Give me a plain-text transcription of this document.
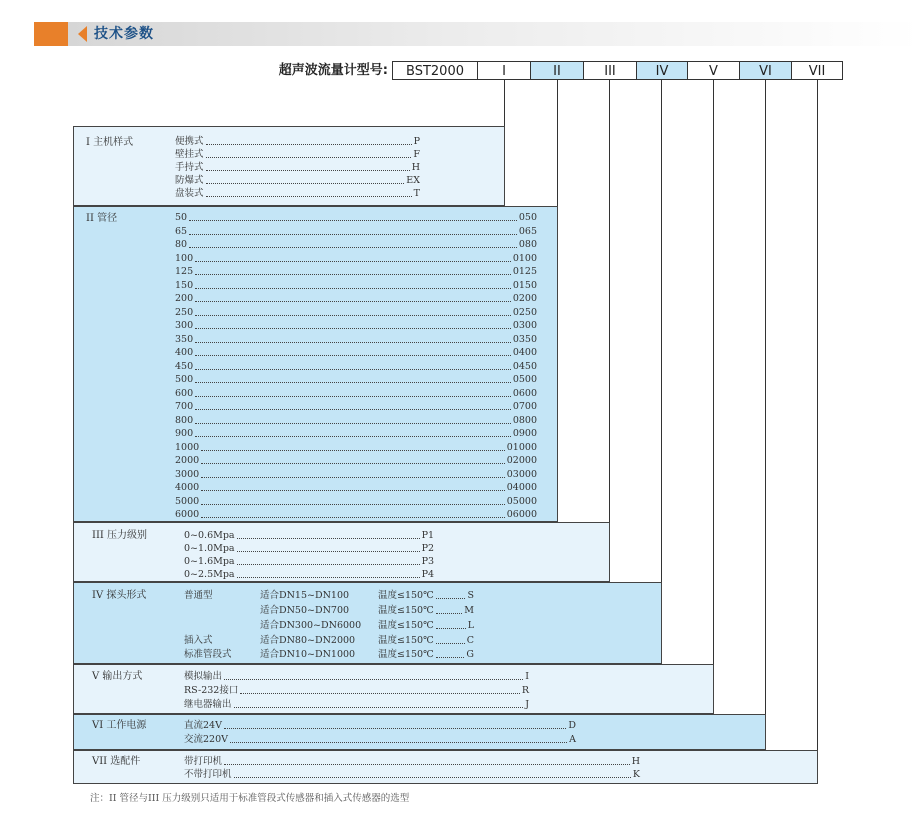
技术参数
超声波流量计型号:	BST2000	I	II	III	IV	V	VI	VII
I 主机样式	便携式	P
壁挂式	F
手持式	H
防爆式	EX
盘装式	T
II 管径	50	050
65	065
80	080
100	0100
125	0125
150	0150
200	0200
250	0250
300	0300
350	0350
400	0400
450	0450
500	0500
600	0600
700	0700
800	0800
900	0900
1000	01000
2000	02000
3000	03000
4000	04000
5000	05000
6000	06000
III 压力级别	0~0.6Mpa	P1
0~1.0Mpa	P2
0~1.6Mpa	P3
0~2.5Mpa	P4
IV 探头形式	普通型	适合DN15~DN100	温度≤150℃	S
适合DN50~DN700	温度≤150℃	M
适合DN300~DN6000 温度≤150℃	L
插入式	适合DN80~DN2000 温度≤150℃	C
标准管段式	适合DN10~DN1000 温度≤150℃	G
V 输出方式	模拟输出	I
RS-232接口	R
继电器输出	J
VI 工作电源	直流24V	D
交流220V	A
VII 选配件	带打印机	H
不带打印机	K
注：II 管径与III 压力级别只适用于标准管段式传感器和插入式传感器的选型
